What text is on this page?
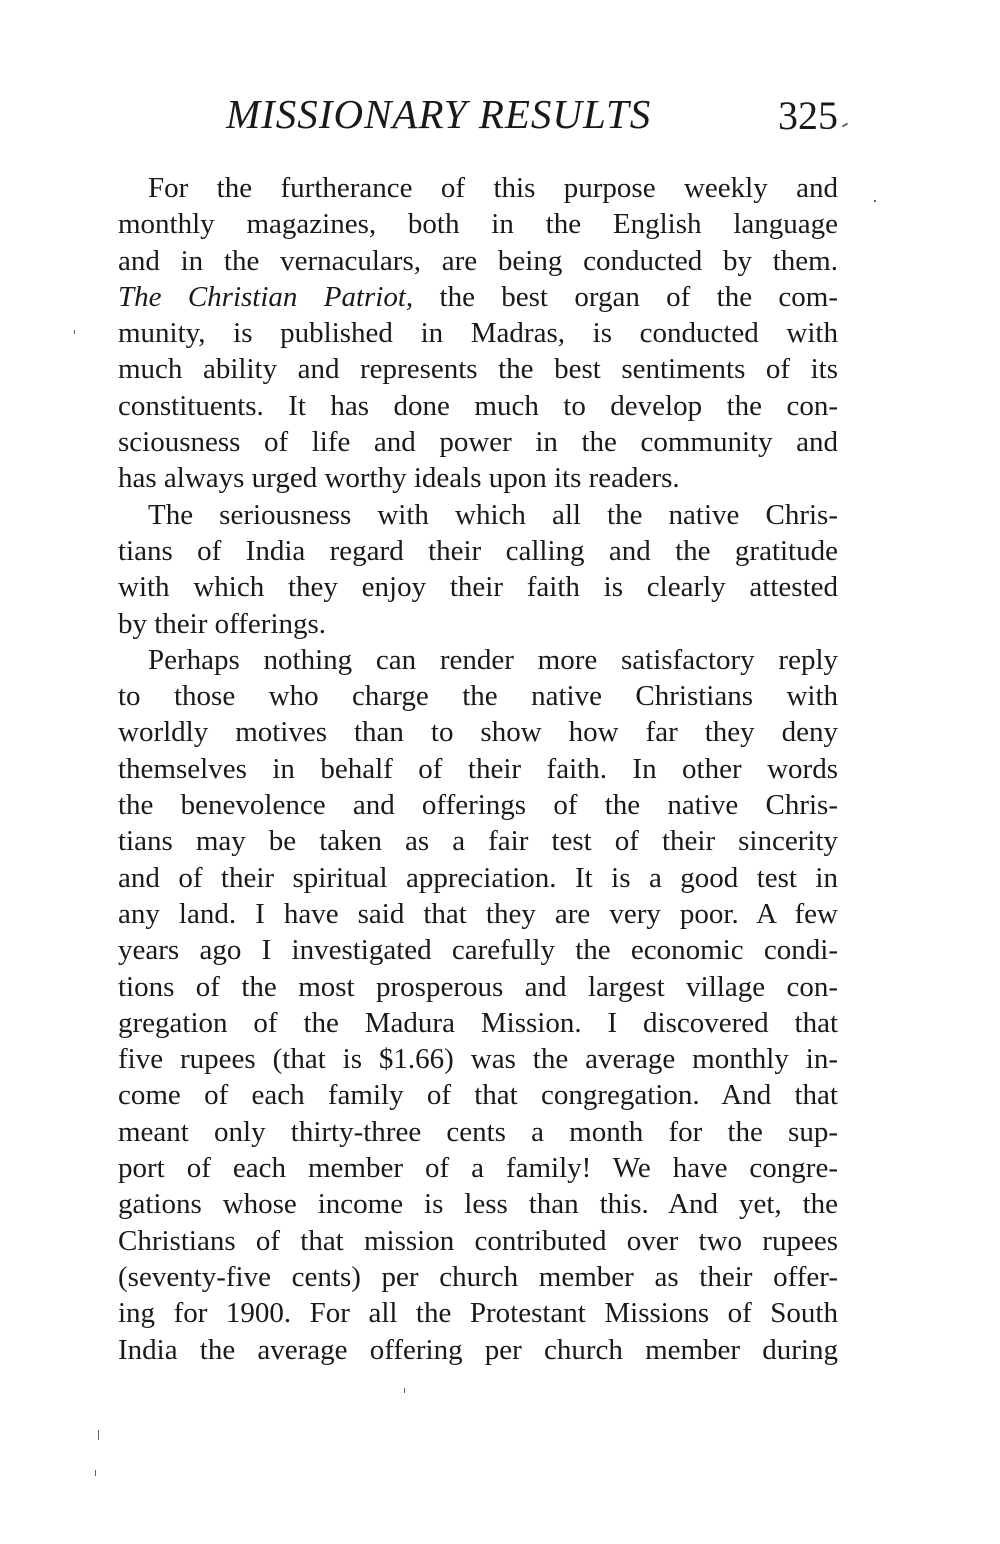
MISSIONARY RESULTS	325
For the furtherance of this purpose weekly and
monthly magazines, both in the English language
and in the vernaculars, are being conducted by them.
The Christian Patriot, the best organ of the com-
munity, is published in Madras, is conducted with
much ability and represents the best sentiments of its
constituents. It has done much to develop the con-
sciousness of life and power in the community and
has always urged worthy ideals upon its readers.
The seriousness with which all the native Chris-
tians of India regard their calling and the gratitude
with which they enjoy their faith is clearly attested
by their offerings.
Perhaps nothing can render more satisfactory reply
to those who charge the native Christians with
worldly motives than to show how far they deny
themselves in behalf of their faith. In other words
the benevolence and offerings of the native Chris-
tians may be taken as a fair test of their sincerity
and of their spiritual appreciation. It is a good test in
any land. I have said that they are very poor. A few
years ago I investigated carefully the economic condi-
tions of the most prosperous and largest village con-
gregation of the Madura Mission. I discovered that
five rupees (that is $1.66) was the average monthly in-
come of each family of that congregation. And that
meant only thirty-three cents a month for the sup-
port of each member of a family! We have congre-
gations whose income is less than this. And yet, the
Christians of that mission contributed over two rupees
(seventy-five cents) per church member as their offer-
ing for 1900. For all the Protestant Missions of South
India the average offering per church member during
